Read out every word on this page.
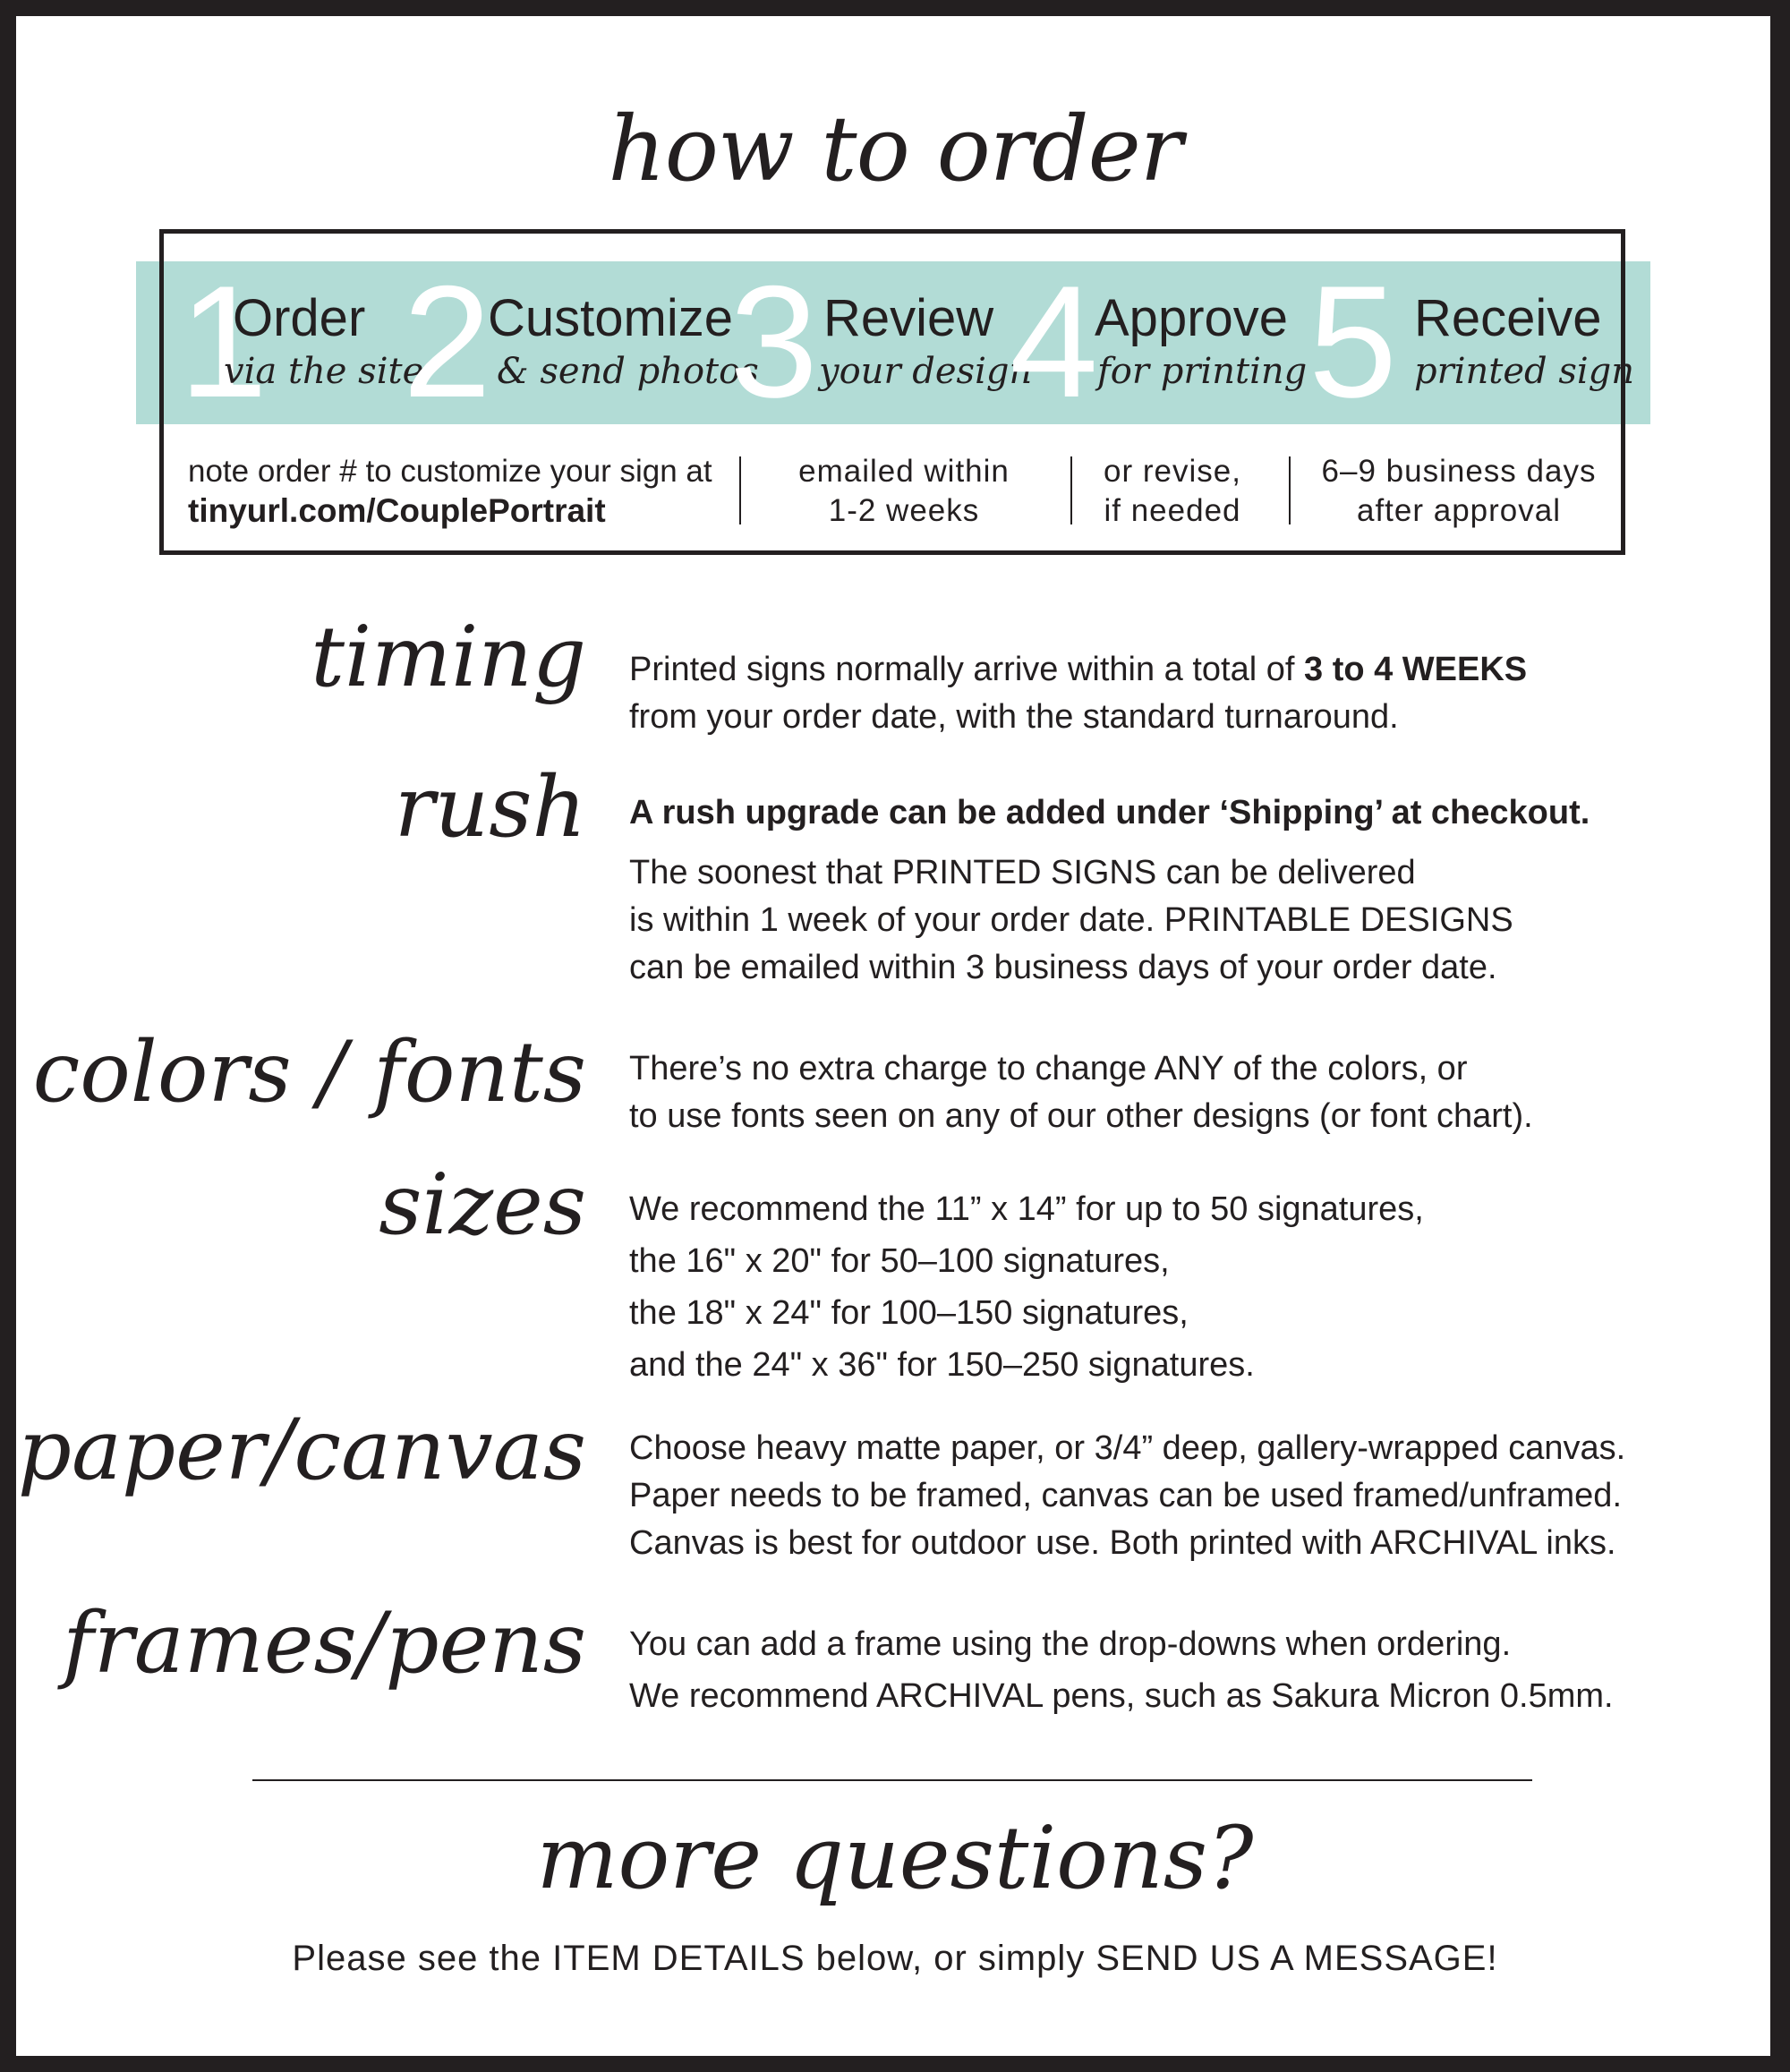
how to order
1
Order
via the site
2
Customize
& send photos
3 Review
your design
4
Approve
for printing 5 Receive
printed sign
note order # to customize your sign at
tinyurl.com/CouplePortrait
emailed within
1-2 weeks
or revise,
if needed
6–9 business days
after approval
timing Printed signs normally arrive within a total of 3 to 4 WEEKS
from your order date, with the standard turnaround.
rush A rush upgrade can be added under ‘Shipping’ at checkout.
The soonest that PRINTED SIGNS can be delivered
is within 1 week of your order date. PRINTABLE DESIGNS
can be emailed within 3 business days of your order date.
colors / fonts There’s no extra charge to change ANY of the colors, or
to use fonts seen on any of our other designs (or font chart).
sizes We recommend the 11” x 14” for up to 50 signatures,
the 16" x 20" for 50–100 signatures,
the 18" x 24" for 100–150 signatures,
and the 24" x 36" for 150–250 signatures.
paper/canvas Choose heavy matte paper, or 3/4” deep, gallery-wrapped canvas.
Paper needs to be framed, canvas can be used framed/unframed.
Canvas is best for outdoor use. Both printed with ARCHIVAL inks.
frames/pens You can add a frame using the drop-downs when ordering.
We recommend ARCHIVAL pens, such as Sakura Micron 0.5mm.
more questions?
Please see the ITEM DETAILS below, or simply SEND US A MESSAGE!
